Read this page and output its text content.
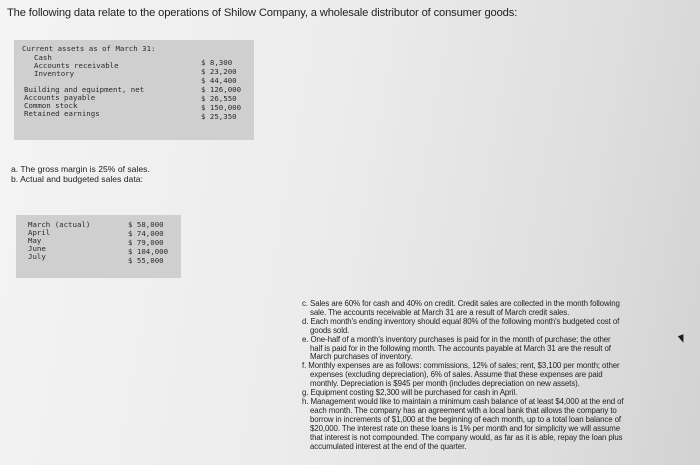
The following data relate to the operations of Shilow Company, a wholesale distributor of consumer goods:
Current assets as of March 31:
Cash
Accounts receivable
Inventory
Building and equipment, net
Accounts payable
Common stock
Retained earnings
$ 8,300
$ 23,200
$ 44,400
$ 126,000
$ 26,550
$ 150,000
$ 25,350
a. The gross margin is 25% of sales.
b. Actual and budgeted sales data:
March (actual)
April
May
June
July
$ 58,000
$ 74,000
$ 79,000
$ 104,000
$ 55,000
c. Sales are 60% for cash and 40% on credit. Credit sales are collected in the month following sale. The accounts receivable at March 31 are a result of March credit sales.
d. Each month's ending inventory should equal 80% of the following month's budgeted cost of goods sold.
e. One-half of a month's inventory purchases is paid for in the month of purchase; the other half is paid for in the following month. The accounts payable at March 31 are the result of March purchases of inventory.
f. Monthly expenses are as follows: commissions, 12% of sales; rent, $3,100 per month; other expenses (excluding depreciation), 6% of sales. Assume that these expenses are paid monthly. Depreciation is $945 per month (includes depreciation on new assets).
g. Equipment costing $2,300 will be purchased for cash in April.
h. Management would like to maintain a minimum cash balance of at least $4,000 at the end of each month. The company has an agreement with a local bank that allows the company to borrow in increments of $1,000 at the beginning of each month, up to a total loan balance of $20,000. The interest rate on these loans is 1% per month and for simplicity we will assume that interest is not compounded. The company would, as far as it is able, repay the loan plus accumulated interest at the end of the quarter.
